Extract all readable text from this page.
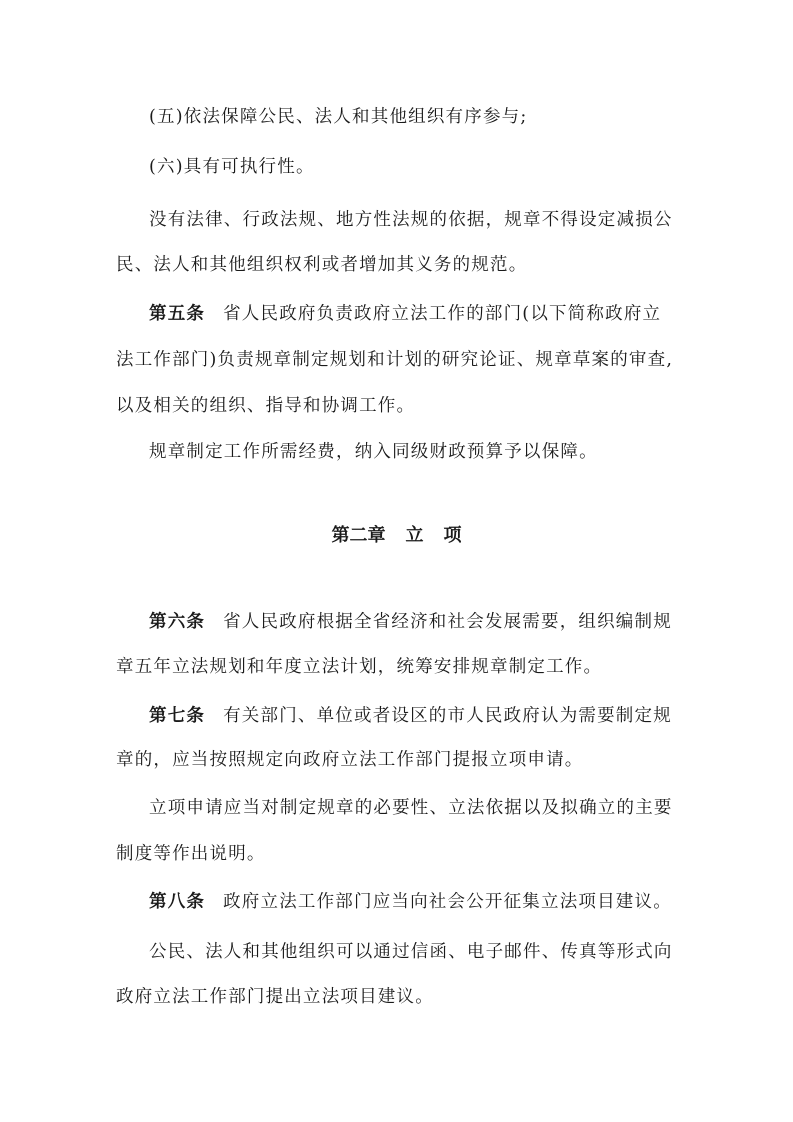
(五)依法保障公民、法人和其他组织有序参与;
(六)具有可执行性。
没有法律、行政法规、地方性法规的依据，规章不得设定减损公
民、法人和其他组织权利或者增加其义务的规范。
第五条 省人民政府负责政府立法工作的部门(以下简称政府立
法工作部门)负责规章制定规划和计划的研究论证、规章草案的审查,
以及相关的组织、指导和协调工作。
规章制定工作所需经费，纳入同级财政预算予以保障。
第二章 立 项
第六条 省人民政府根据全省经济和社会发展需要，组织编制规
章五年立法规划和年度立法计划，统筹安排规章制定工作。
第七条 有关部门、单位或者设区的市人民政府认为需要制定规
章的，应当按照规定向政府立法工作部门提报立项申请。
立项申请应当对制定规章的必要性、立法依据以及拟确立的主要
制度等作出说明。
第八条 政府立法工作部门应当向社会公开征集立法项目建议。
公民、法人和其他组织可以通过信函、电子邮件、传真等形式向
政府立法工作部门提出立法项目建议。
